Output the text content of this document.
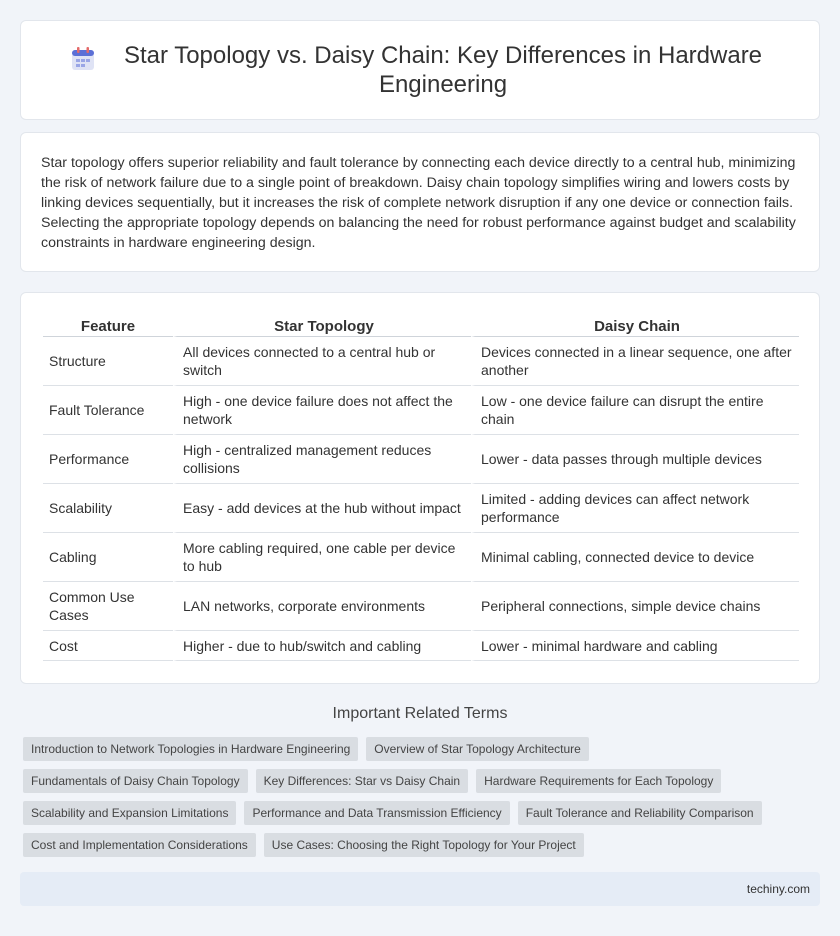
Star Topology vs. Daisy Chain: Key Differences in Hardware Engineering

Star topology offers superior reliability and fault tolerance by connecting each device directly to a central hub, minimizing the risk of network failure due to a single point of breakdown. Daisy chain topology simplifies wiring and lowers costs by linking devices sequentially, but it increases the risk of complete network disruption if any one device or connection fails. Selecting the appropriate topology depends on balancing the need for robust performance against budget and scalability constraints in hardware engineering design.

Feature	Star Topology	Daisy Chain
Structure	All devices connected to a central hub or switch	Devices connected in a linear sequence, one after another
Fault Tolerance	High - one device failure does not affect the network	Low - one device failure can disrupt the entire chain
Performance	High - centralized management reduces collisions	Lower - data passes through multiple devices
Scalability	Easy - add devices at the hub without impact	Limited - adding devices can affect network performance
Cabling	More cabling required, one cable per device to hub	Minimal cabling, connected device to device
Common Use Cases	LAN networks, corporate environments	Peripheral connections, simple device chains
Cost	Higher - due to hub/switch and cabling	Lower - minimal hardware and cabling
Important Related Terms
Introduction to Network Topologies in Hardware Engineering	Overview of Star Topology Architecture
Fundamentals of Daisy Chain Topology	Key Differences: Star vs Daisy Chain	Hardware Requirements for Each Topology
Scalability and Expansion Limitations	Performance and Data Transmission Efficiency	Fault Tolerance and Reliability Comparison
Cost and Implementation Considerations	Use Cases: Choosing the Right Topology for Your Project
techiny.com
